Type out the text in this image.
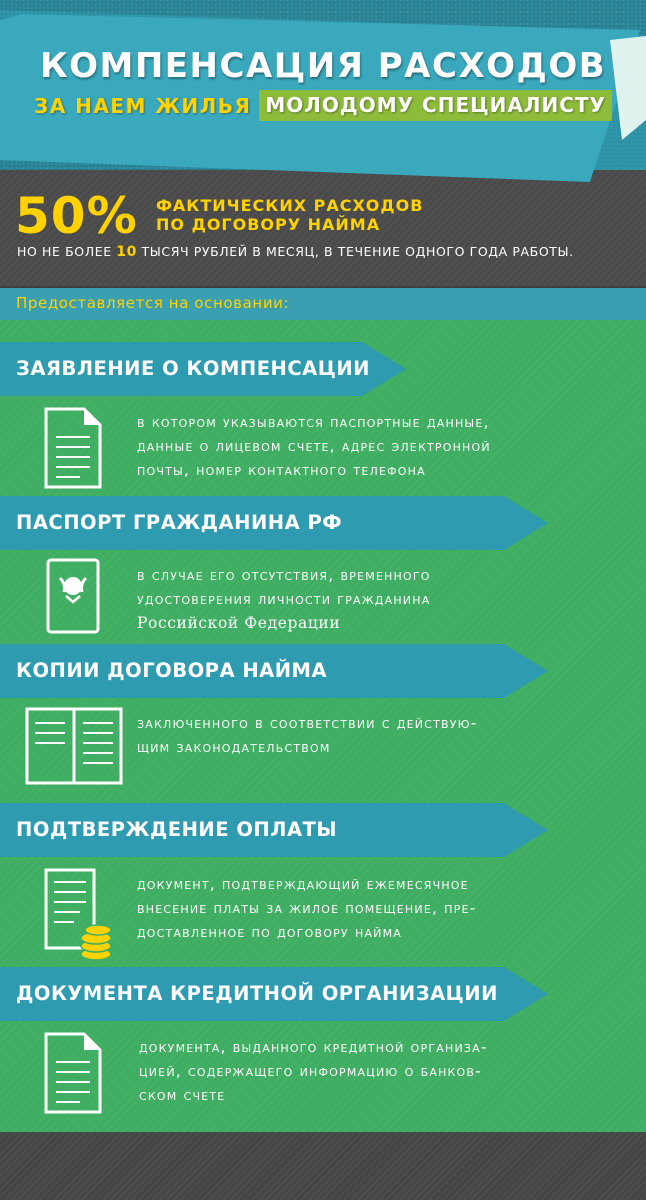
КОМПЕНСАЦИЯ РАСХОДОВ
ЗА НАЕМ ЖИЛЬЯ МОЛОДОМУ СПЕЦИАЛИСТУ
50% ФАКТИЧЕСКИХ РАСХОДОВ
ПО ДОГОВОРУ НАЙМА
НО НЕ БОЛЕЕ 10 ТЫСЯЧ РУБЛЕЙ В МЕСЯЦ, В ТЕЧЕНИЕ ОДНОГО ГОДА РАБОТЫ.
Предоставляется на основании:
ЗАЯВЛЕНИЕ О КОМПЕНСАЦИИ
в котором указываются паспортные данные,
данные о лицевом счете, адрес электронной
почты, номер контактного телефона
ПАСПОРТ ГРАЖДАНИНА РФ
в случае его отсутствия, временного
удостоверения личности гражданина
Российской Федерации
КОПИИ ДОГОВОРА НАЙМА
заключенного в соответствии с действую-
щим законодательством
ПОДТВЕРЖДЕНИЕ ОПЛАТЫ
документ, подтверждающий ежемесячное
внесение платы за жилое помещение, пре-
доставленное по договору найма
ДОКУМЕНТА КРЕДИТНОЙ ОРГАНИЗАЦИИ
документа, выданного кредитной организа-
цией, содержащего информацию о банков-
ском счете
